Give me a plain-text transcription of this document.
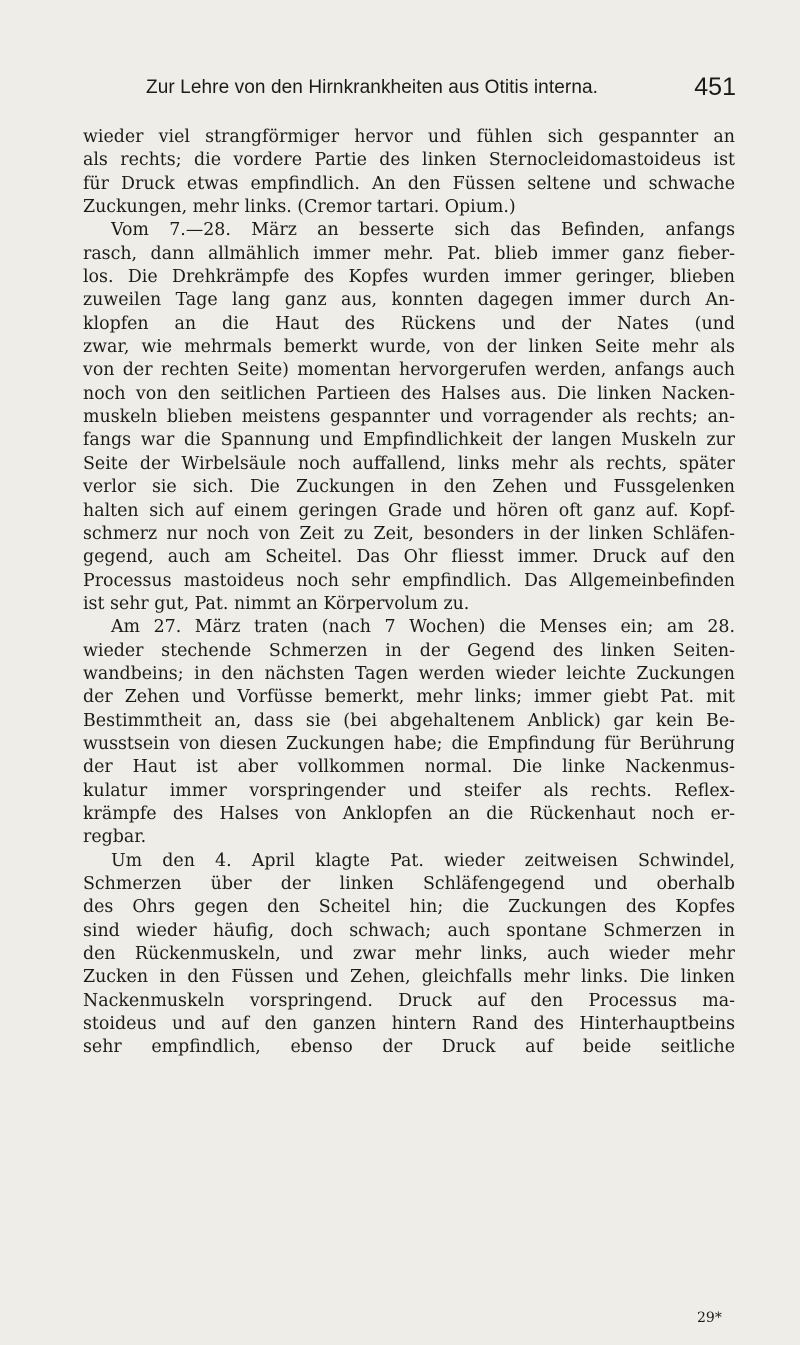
Zur Lehre von den Hirnkrankheiten aus Otitis interna.	451
wieder viel strangförmiger hervor und fühlen sich gespannter an
als rechts; die vordere Partie des linken Sternocleidomastoideus ist
für Druck etwas empfindlich. An den Füssen seltene und schwache
Zuckungen, mehr links. (Cremor tartari. Opium.)
Vom 7.—28. März an besserte sich das Befinden, anfangs
rasch, dann allmählich immer mehr. Pat. blieb immer ganz fieber-
los. Die Drehkrämpfe des Kopfes wurden immer geringer, blieben
zuweilen Tage lang ganz aus, konnten dagegen immer durch An-
klopfen an die Haut des Rückens und der Nates (und
zwar, wie mehrmals bemerkt wurde, von der linken Seite mehr als
von der rechten Seite) momentan hervorgerufen werden, anfangs auch
noch von den seitlichen Partieen des Halses aus. Die linken Nacken-
muskeln blieben meistens gespannter und vorragender als rechts; an-
fangs war die Spannung und Empfindlichkeit der langen Muskeln zur
Seite der Wirbelsäule noch auffallend, links mehr als rechts, später
verlor sie sich. Die Zuckungen in den Zehen und Fussgelenken
halten sich auf einem geringen Grade und hören oft ganz auf. Kopf-
schmerz nur noch von Zeit zu Zeit, besonders in der linken Schläfen-
gegend, auch am Scheitel. Das Ohr fliesst immer. Druck auf den
Processus mastoideus noch sehr empfindlich. Das Allgemeinbefinden
ist sehr gut, Pat. nimmt an Körpervolum zu.
Am 27. März traten (nach 7 Wochen) die Menses ein; am 28.
wieder stechende Schmerzen in der Gegend des linken Seiten-
wandbeins; in den nächsten Tagen werden wieder leichte Zuckungen
der Zehen und Vorfüsse bemerkt, mehr links; immer giebt Pat. mit
Bestimmtheit an, dass sie (bei abgehaltenem Anblick) gar kein Be-
wusstsein von diesen Zuckungen habe; die Empfindung für Berührung
der Haut ist aber vollkommen normal. Die linke Nackenmus-
kulatur immer vorspringender und steifer als rechts. Reflex-
krämpfe des Halses von Anklopfen an die Rückenhaut noch er-
regbar.
Um den 4. April klagte Pat. wieder zeitweisen Schwindel,
Schmerzen über der linken Schläfengegend und oberhalb
des Ohrs gegen den Scheitel hin; die Zuckungen des Kopfes
sind wieder häufig, doch schwach; auch spontane Schmerzen in
den Rückenmuskeln, und zwar mehr links, auch wieder mehr
Zucken in den Füssen und Zehen, gleichfalls mehr links. Die linken
Nackenmuskeln vorspringend. Druck auf den Processus ma-
stoideus und auf den ganzen hintern Rand des Hinterhauptbeins
sehr empfindlich, ebenso der Druck auf beide seitliche
29*
